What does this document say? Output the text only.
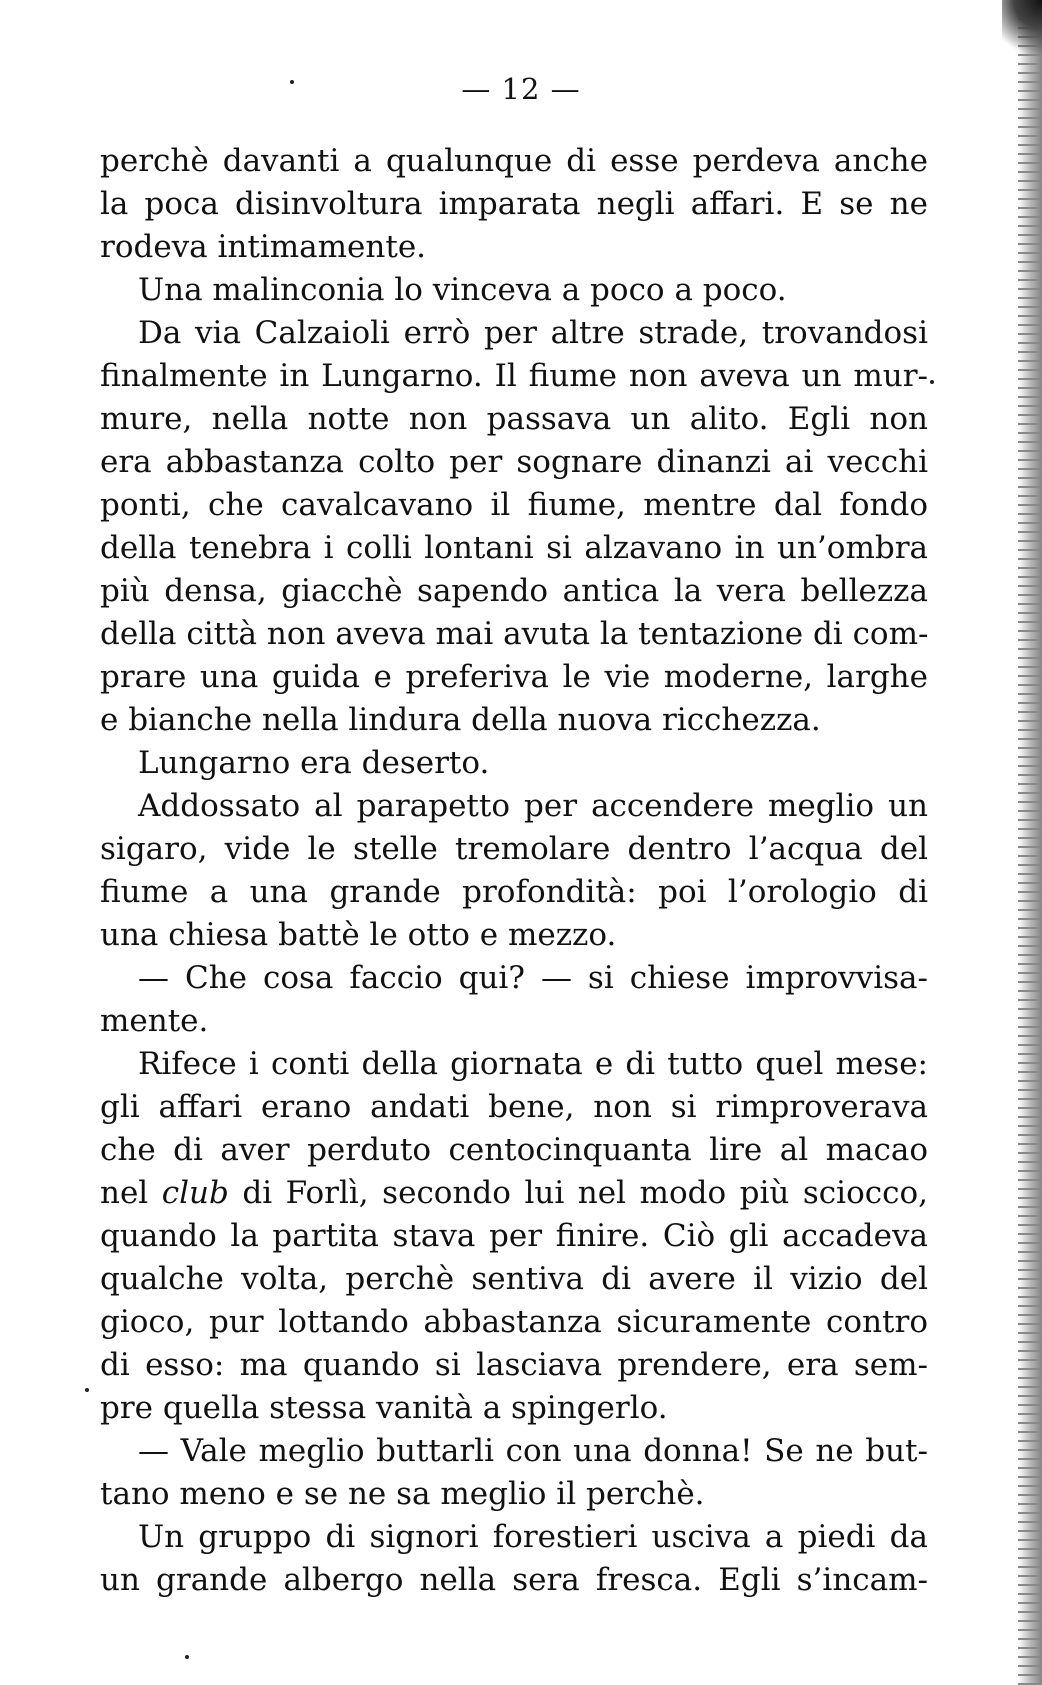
— 12 —
perchè davanti a qualunque di esse perdeva anche
la poca disinvoltura imparata negli affari. E se ne
rodeva intimamente.
Una malinconia lo vinceva a poco a poco.
Da via Calzaioli errò per altre strade, trovandosi
finalmente in Lungarno. Il fiume non aveva un mur-
mure, nella notte non passava un alito. Egli non
era abbastanza colto per sognare dinanzi ai vecchi
ponti, che cavalcavano il fiume, mentre dal fondo
della tenebra i colli lontani si alzavano in un’ombra
più densa, giacchè sapendo antica la vera bellezza
della città non aveva mai avuta la tentazione di com-
prare una guida e preferiva le vie moderne, larghe
e bianche nella lindura della nuova ricchezza.
Lungarno era deserto.
Addossato al parapetto per accendere meglio un
sigaro, vide le stelle tremolare dentro l’acqua del
fiume a una grande profondità: poi l’orologio di
una chiesa battè le otto e mezzo.
— Che cosa faccio qui? — si chiese improvvisa-
mente.
Rifece i conti della giornata e di tutto quel mese:
gli affari erano andati bene, non si rimproverava
che di aver perduto centocinquanta lire al macao
nel club di Forlì, secondo lui nel modo più sciocco,
quando la partita stava per finire. Ciò gli accadeva
qualche volta, perchè sentiva di avere il vizio del
gioco, pur lottando abbastanza sicuramente contro
di esso: ma quando si lasciava prendere, era sem-
pre quella stessa vanità a spingerlo.
— Vale meglio buttarli con una donna! Se ne but-
tano meno e se ne sa meglio il perchè.
Un gruppo di signori forestieri usciva a piedi da
un grande albergo nella sera fresca. Egli s’incam-
